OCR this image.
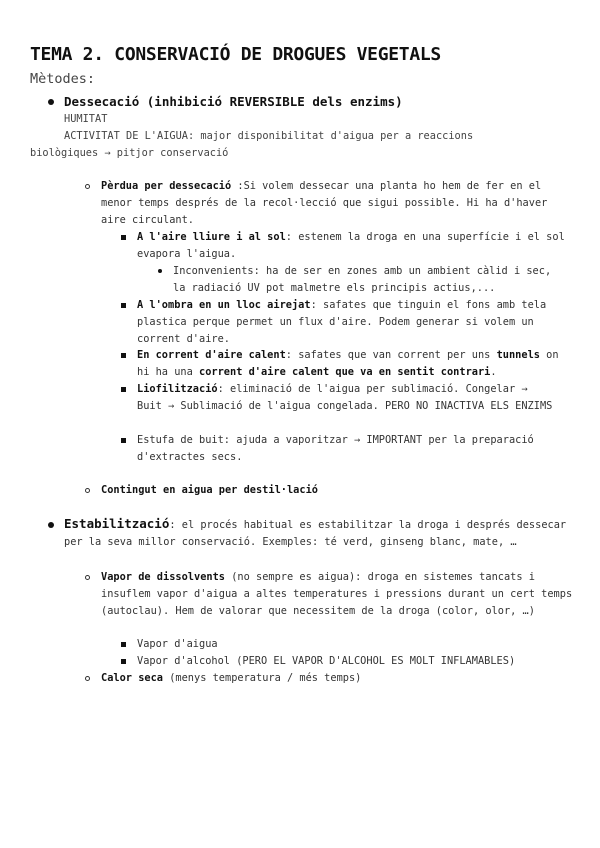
TEMA 2. CONSERVACIÓ DE DROGUES VEGETALS
Mètodes:
Dessecació (inhibició REVERSIBLE dels enzims)
HUMITAT
ACTIVITAT DE L'AIGUA: major disponibilitat d'aigua per a reaccions
biològiques → pitjor conservació
Pèrdua per dessecació :Si volem dessecar una planta ho hem de fer en el menor temps després de la recol·lecció que sigui possible. Hi ha d'haver aire circulant.
A l'aire lliure i al sol: estenem la droga en una superfície i el sol evapora l'aigua.
Inconvenients: ha de ser en zones amb un ambient càlid i sec, la radiació UV pot malmetre els principis actius,...
A l'ombra en un lloc airejat: safates que tinguin el fons amb tela plastica perque permet un flux d'aire. Podem generar si volem un corrent d'aire.
En corrent d'aire calent: safates que van corrent per uns tunnels on hi ha una corrent d'aire calent que va en sentit contrari.
Liofilització: eliminació de l'aigua per sublimació. Congelar → Buit → Sublimació de l'aigua congelada. PERO NO INACTIVA ELS ENZIMS
Estufa de buit: ajuda a vaporitzar → IMPORTANT per la preparació d'extractes secs.
Contingut en aigua per destil·lació
Estabilització: el procés habitual es estabilitzar la droga i després dessecar per la seva millor conservació. Exemples: té verd, ginseng blanc, mate, …
Vapor de dissolvents (no sempre es aigua): droga en sistemes tancats i insuflem vapor d'aigua a altes temperatures i pressions durant un cert temps (autoclau). Hem de valorar que necessitem de la droga (color, olor, …)
Vapor d'aigua
Vapor d'alcohol (PERO EL VAPOR D'ALCOHOL ES MOLT INFLAMABLES)
Calor seca (menys temperatura / més temps)
